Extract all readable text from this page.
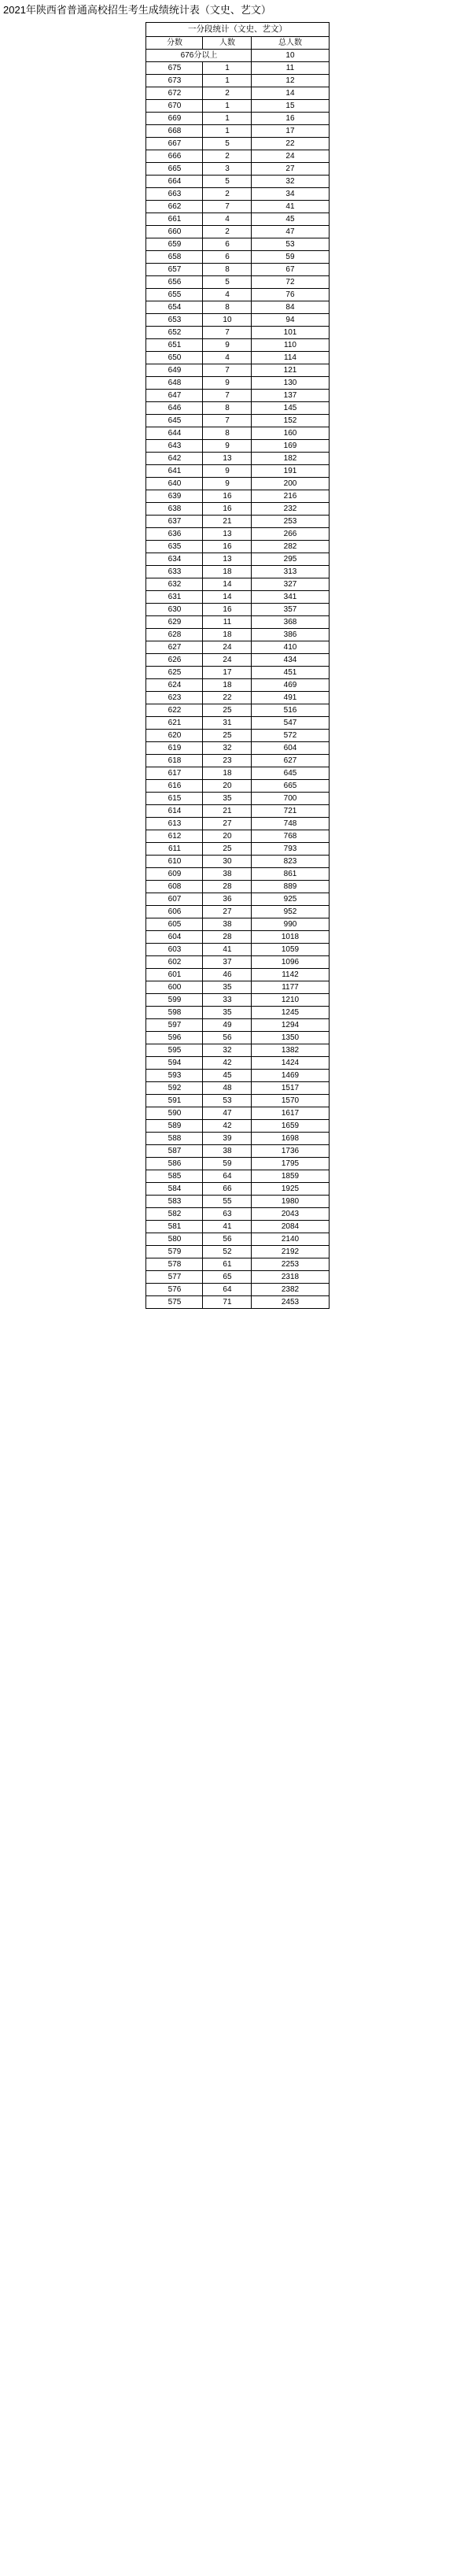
2021年陕西省普通高校招生考生成绩统计表（文史、艺文）
一分段统计（文史、艺文）		
分数	人数	总人数
676分以上		10
675	1	11
673	1	12
672	2	14
670	1	15
669	1	16
668	1	17
667	5	22
666	2	24
665	3	27
664	5	32
663	2	34
662	7	41
661	4	45
660	2	47
659	6	53
658	6	59
657	8	67
656	5	72
655	4	76
654	8	84
653	10	94
652	7	101
651	9	110
650	4	114
649	7	121
648	9	130
647	7	137
646	8	145
645	7	152
644	8	160
643	9	169
642	13	182
641	9	191
640	9	200
639	16	216
638	16	232
637	21	253
636	13	266
635	16	282
634	13	295
633	18	313
632	14	327
631	14	341
630	16	357
629	11	368
628	18	386
627	24	410
626	24	434
625	17	451
624	18	469
623	22	491
622	25	516
621	31	547
620	25	572
619	32	604
618	23	627
617	18	645
616	20	665
615	35	700
614	21	721
613	27	748
612	20	768
611	25	793
610	30	823
609	38	861
608	28	889
607	36	925
606	27	952
605	38	990
604	28	1018
603	41	1059
602	37	1096
601	46	1142
600	35	1177
599	33	1210
598	35	1245
597	49	1294
596	56	1350
595	32	1382
594	42	1424
593	45	1469
592	48	1517
591	53	1570
590	47	1617
589	42	1659
588	39	1698
587	38	1736
586	59	1795
585	64	1859
584	66	1925
583	55	1980
582	63	2043
581	41	2084
580	56	2140
579	52	2192
578	61	2253
577	65	2318
576	64	2382
575	71	2453
